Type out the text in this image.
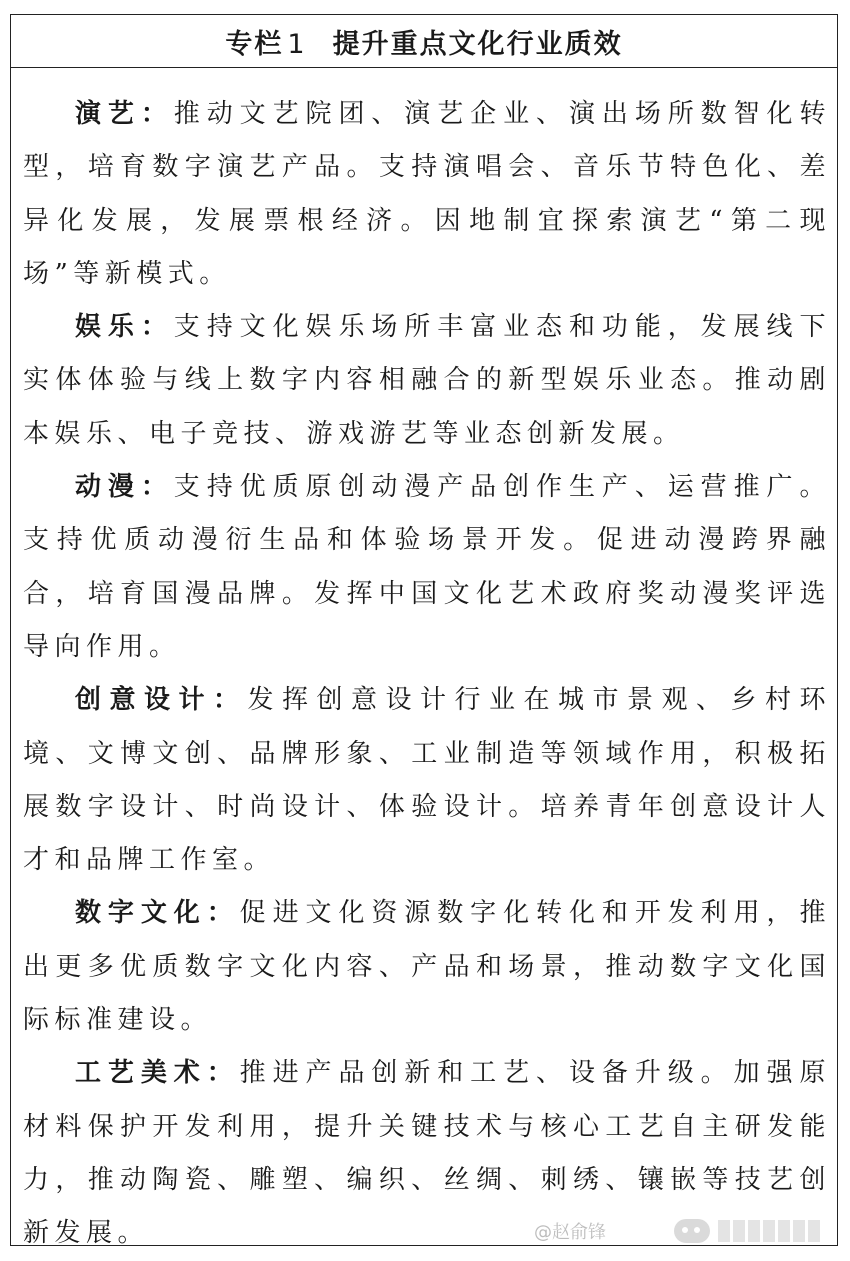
专栏 1 提升重点文化行业质效

演艺：推动文艺院团、演艺企业、演出场所数智化转型，培育数字演艺产品。支持演唱会、音乐节特色化、差异化发展，发展票根经济。因地制宜探索演艺“第二现场”等新模式。

娱乐：支持文化娱乐场所丰富业态和功能，发展线下实体体验与线上数字内容相融合的新型娱乐业态。推动剧本娱乐、电子竞技、游戏游艺等业态创新发展。

动漫：支持优质原创动漫产品创作生产、运营推广。支持优质动漫衍生品和体验场景开发。促进动漫跨界融合，培育国漫品牌。发挥中国文化艺术政府奖动漫奖评选导向作用。

创意设计：发挥创意设计行业在城市景观、乡村环境、文博文创、品牌形象、工业制造等领域作用，积极拓展数字设计、时尚设计、体验设计。培养青年创意设计人才和品牌工作室。

数字文化：促进文化资源数字化转化和开发利用，推出更多优质数字文化内容、产品和场景，推动数字文化国际标准建设。

工艺美术：推进产品创新和工艺、设备升级。加强原材料保护开发利用，提升关键技术与核心工艺自主研发能力，推动陶瓷、雕塑、编织、丝绸、刺绣、镶嵌等技艺创新发展。	@赵俞锋
